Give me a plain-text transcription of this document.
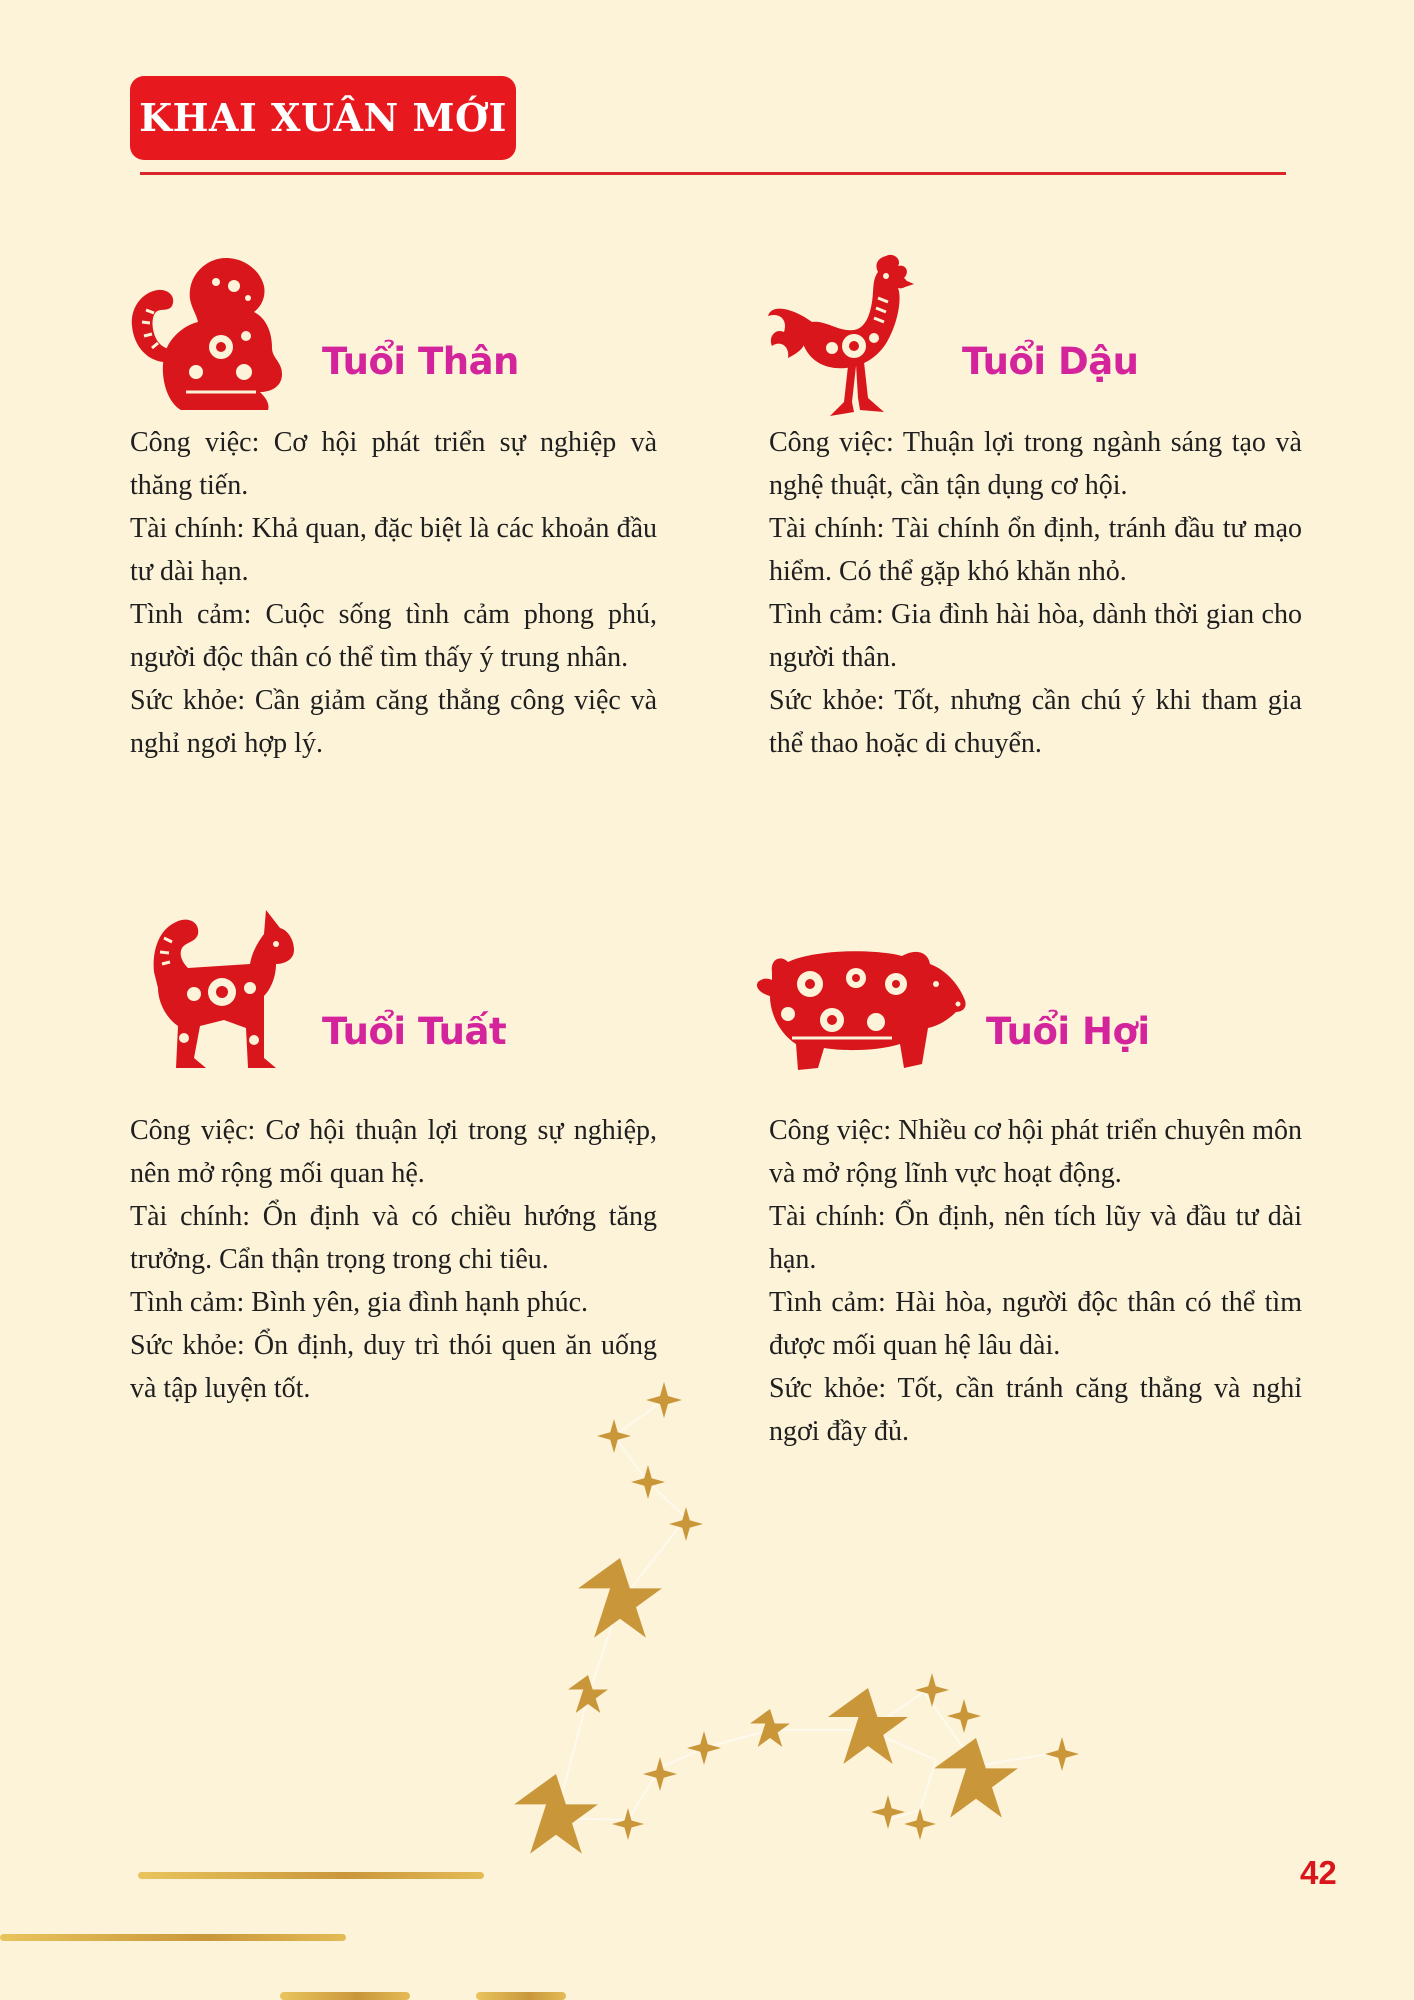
KHAI XUÂN MỚI
Tuổi Thân	Tuổi Dậu
Tuổi Tuất	Tuổi Hợi

Công việc: Cơ hội phát triển sự nghiệp và thăng tiến.

Tài chính: Khả quan, đặc biệt là các khoản đầu tư dài hạn.

Tình cảm: Cuộc sống tình cảm phong phú, người độc thân có thể tìm thấy ý trung nhân.

Sức khỏe: Cần giảm căng thẳng công việc và nghỉ ngơi hợp lý.

Công việc: Thuận lợi trong ngành sáng tạo và nghệ thuật, cần tận dụng cơ hội.

Tài chính: Tài chính ổn định, tránh đầu tư mạo hiểm. Có thể gặp khó khăn nhỏ.

Tình cảm: Gia đình hài hòa, dành thời gian cho người thân.

Sức khỏe: Tốt, nhưng cần chú ý khi tham gia thể thao hoặc di chuyển.

Công việc: Cơ hội thuận lợi trong sự nghiệp, nên mở rộng mối quan hệ.

Tài chính: Ổn định và có chiều hướng tăng trưởng. Cẩn thận trọng trong chi tiêu.

Tình cảm: Bình yên, gia đình hạnh phúc.

Sức khỏe: Ổn định, duy trì thói quen ăn uống và tập luyện tốt.

Công việc: Nhiều cơ hội phát triển chuyên môn và mở rộng lĩnh vực hoạt động.

Tài chính: Ổn định, nên tích lũy và đầu tư dài hạn.

Tình cảm: Hài hòa, người độc thân có thể tìm được mối quan hệ lâu dài.

Sức khỏe: Tốt, cần tránh căng thẳng và nghỉ ngơi đầy đủ.

42
